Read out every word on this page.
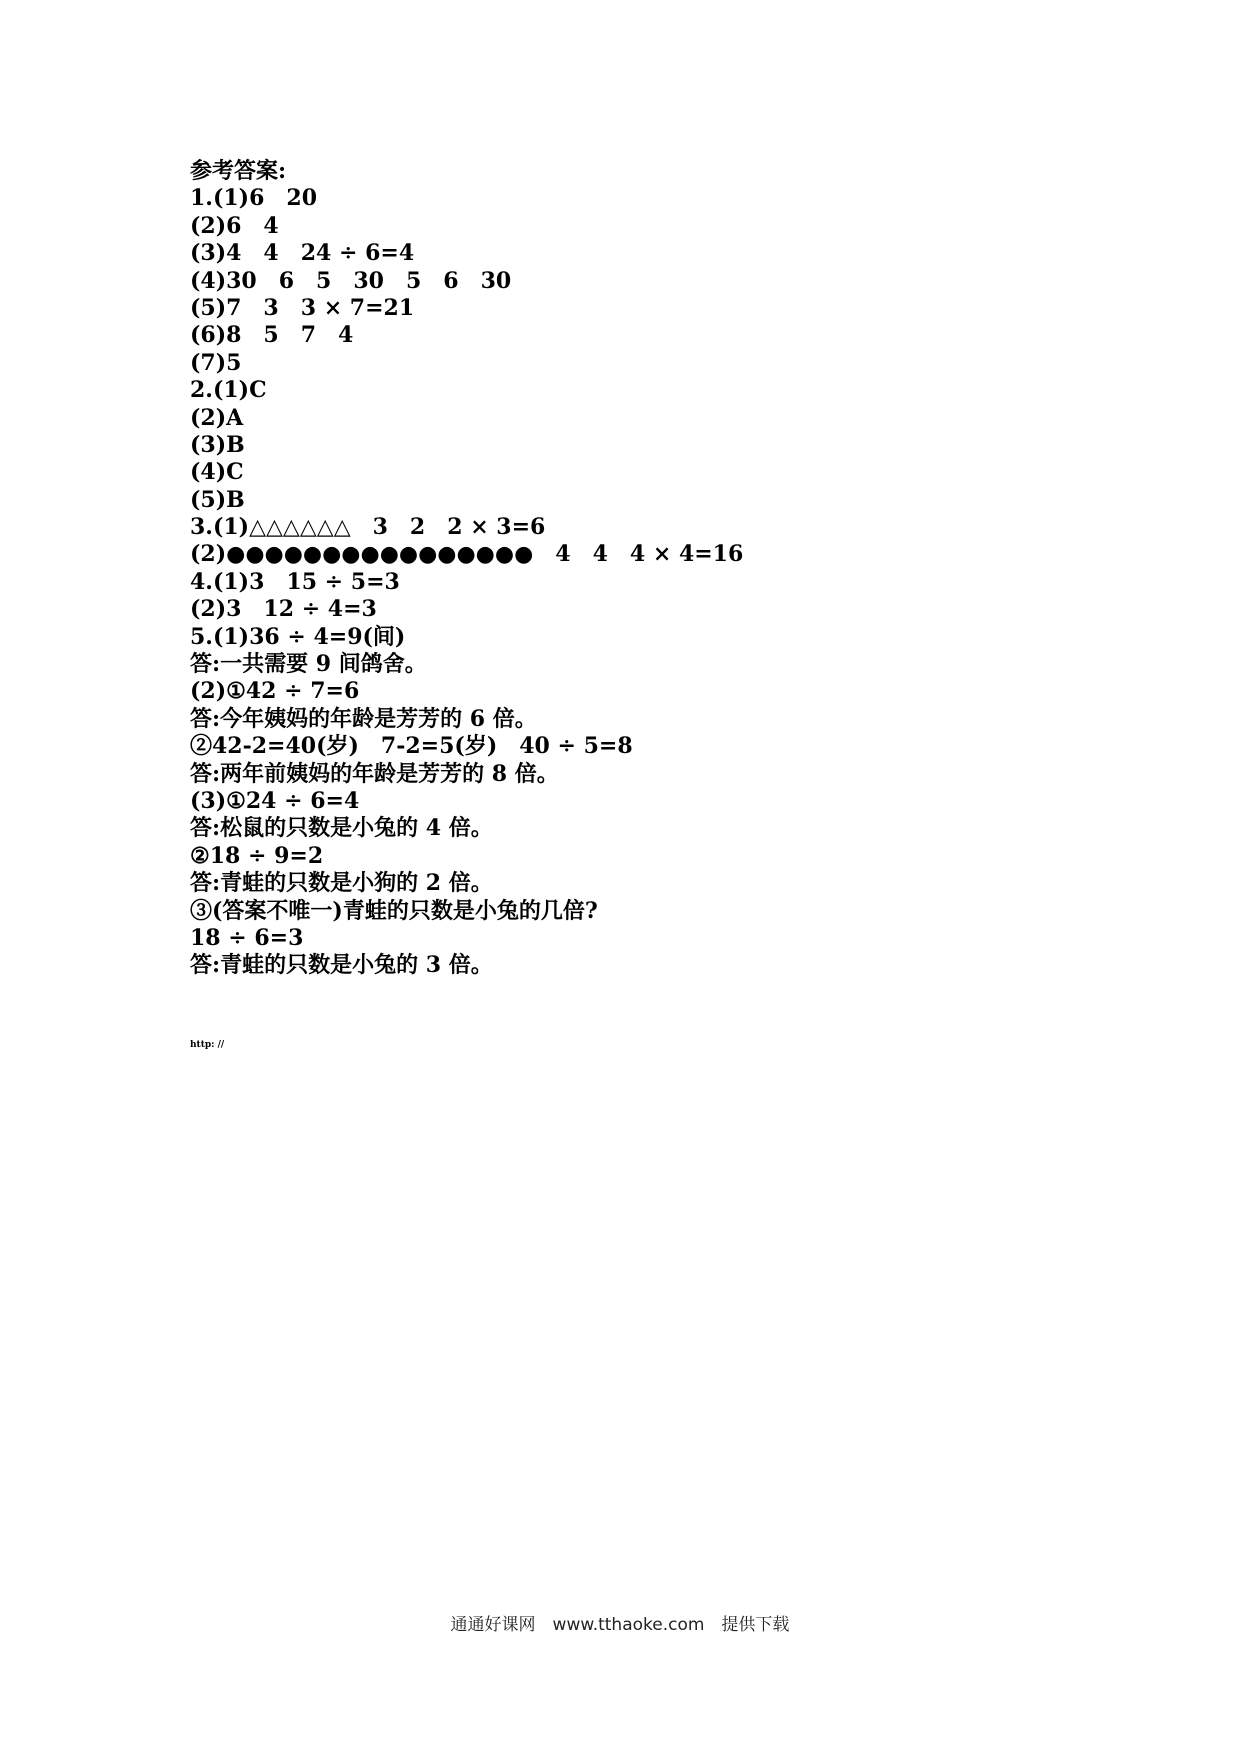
参考答案:
1.(1)6　20
(2)6　4
(3)4　4　24 ÷ 6=4
(4)30　6　5　30　5　6　30
(5)7　3　3 × 7=21
(6)8　5　7　4
(7)5
2.(1)C
(2)A
(3)B
(4)C
(5)B
3.(1)△△△△△△　3　2　2 × 3=6
(2)●●●●●●●●●●●●●●●●　4　4　4 × 4=16
4.(1)3　15 ÷ 5=3
(2)3　12 ÷ 4=3
5.(1)36 ÷ 4=9(间)
答:一共需要 9 间鸽舍。
(2)①42 ÷ 7=6
答:今年姨妈的年龄是芳芳的 6 倍。
②42-2=40(岁)　7-2=5(岁)　40 ÷ 5=8
答:两年前姨妈的年龄是芳芳的 8 倍。
(3)①24 ÷ 6=4
答:松鼠的只数是小兔的 4 倍。
②18 ÷ 9=2
答:青蛙的只数是小狗的 2 倍。
③(答案不唯一)青蛙的只数是小兔的几倍?
18 ÷ 6=3
答:青蛙的只数是小兔的 3 倍。
http: //
通通好课网　www.tthaoke.com　提供下载
